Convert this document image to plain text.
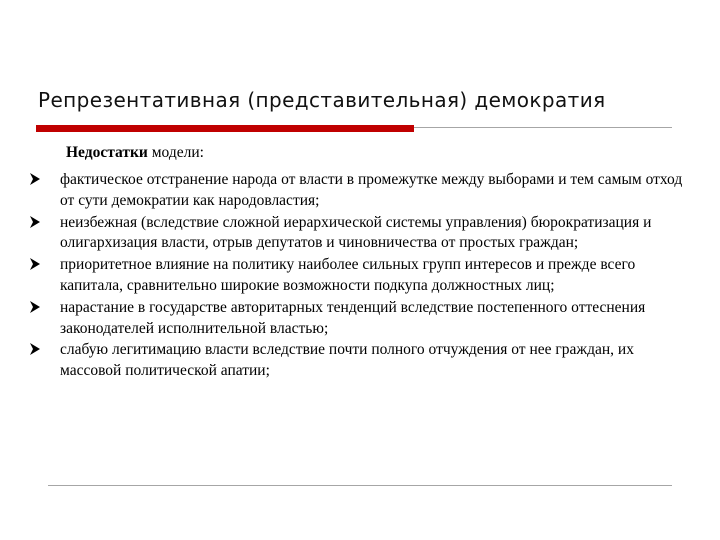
Репрезентативная (представительная) демократия
Недостатки модели:
фактическое отстранение народа от власти в промежутке между выборами и тем самым отход от сути демократии как народовластия;
неизбежная (вследствие сложной иерархической системы управления) бюрократизация и олигархизация власти, отрыв депутатов и чиновничества от простых граждан;
приоритетное влияние на политику наиболее сильных групп интересов и прежде всего капитала, сравнительно широкие возможности подкупа должностных лиц;
нарастание в государстве авторитарных тенденций вследствие постепенного оттеснения законодателей исполнительной властью;
слабую легитимацию власти вследствие почти полного отчуждения от нее граждан, их массовой политической апатии;
